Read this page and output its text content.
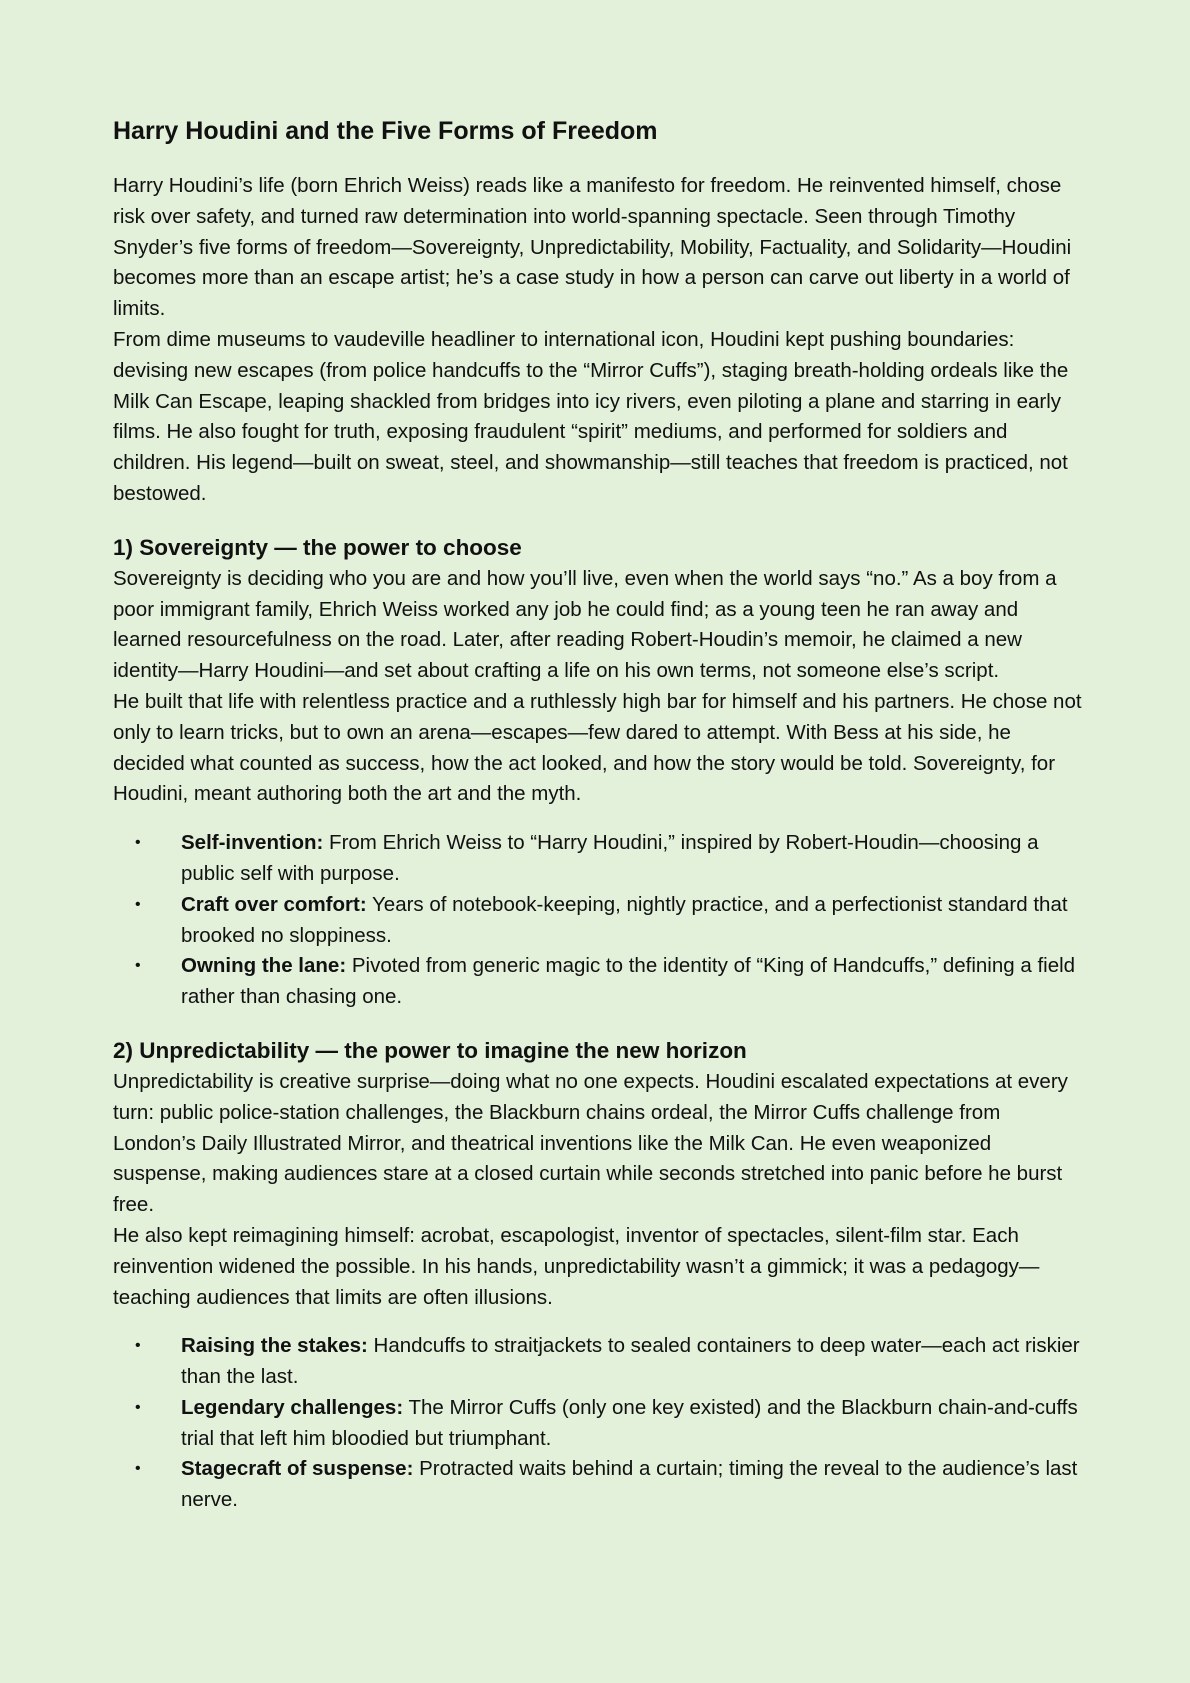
Harry Houdini and the Five Forms of Freedom

Harry Houdini’s life (born Ehrich Weiss) reads like a manifesto for freedom. He reinvented himself, chose risk over safety, and turned raw determination into world-spanning spectacle. Seen through Timothy Snyder’s five forms of freedom—Sovereignty, Unpredictability, Mobility, Factuality, and Solidarity—Houdini becomes more than an escape artist; he’s a case study in how a person can carve out liberty in a world of limits.

From dime museums to vaudeville headliner to international icon, Houdini kept pushing boundaries: devising new escapes (from police handcuffs to the “Mirror Cuffs”), staging breath-holding ordeals like the Milk Can Escape, leaping shackled from bridges into icy rivers, even piloting a plane and starring in early films. He also fought for truth, exposing fraudulent “spirit” mediums, and performed for soldiers and children. His legend—built on sweat, steel, and showmanship—still teaches that freedom is practiced, not bestowed.

1) Sovereignty — the power to choose

Sovereignty is deciding who you are and how you’ll live, even when the world says “no.” As a boy from a poor immigrant family, Ehrich Weiss worked any job he could find; as a young teen he ran away and learned resourcefulness on the road. Later, after reading Robert-Houdin’s memoir, he claimed a new identity—Harry Houdini—and set about crafting a life on his own terms, not someone else’s script.

He built that life with relentless practice and a ruthlessly high bar for himself and his partners. He chose not only to learn tricks, but to own an arena—escapes—few dared to attempt. With Bess at his side, he decided what counted as success, how the act looked, and how the story would be told. Sovereignty, for Houdini, meant authoring both the art and the myth.

• Self-invention: From Ehrich Weiss to “Harry Houdini,” inspired by Robert-Houdin—choosing a public self with purpose.
• Craft over comfort: Years of notebook-keeping, nightly practice, and a perfectionist standard that brooked no sloppiness.
• Owning the lane: Pivoted from generic magic to the identity of “King of Handcuffs,” defining a field rather than chasing one.
2) Unpredictability — the power to imagine the new horizon

Unpredictability is creative surprise—doing what no one expects. Houdini escalated expectations at every turn: public police-station challenges, the Blackburn chains ordeal, the Mirror Cuffs challenge from London’s Daily Illustrated Mirror, and theatrical inventions like the Milk Can. He even weaponized suspense, making audiences stare at a closed curtain while seconds stretched into panic before he burst free.

He also kept reimagining himself: acrobat, escapologist, inventor of spectacles, silent-film star. Each reinvention widened the possible. In his hands, unpredictability wasn’t a gimmick; it was a pedagogy—teaching audiences that limits are often illusions.

• Raising the stakes: Handcuffs to straitjackets to sealed containers to deep water—each act riskier than the last.
• Legendary challenges: The Mirror Cuffs (only one key existed) and the Blackburn chain-and-cuffs trial that left him bloodied but triumphant.
• Stagecraft of suspense: Protracted waits behind a curtain; timing the reveal to the audience’s last nerve.
